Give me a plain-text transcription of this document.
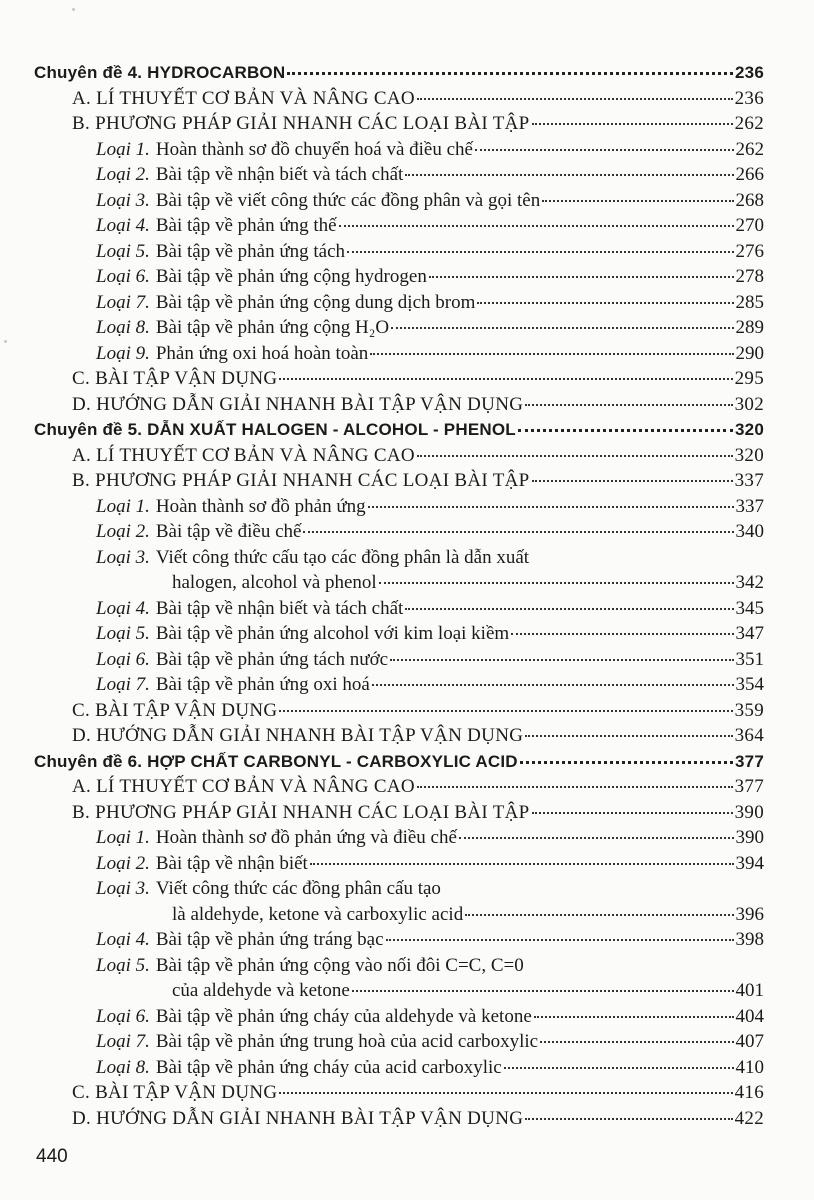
Chuyên đề 4. HYDROCARBON	236
A. LÍ THUYẾT CƠ BẢN VÀ NÂNG CAO	236
B. PHƯƠNG PHÁP GIẢI NHANH CÁC LOẠI BÀI TẬP	262
Loại 1. Hoàn thành sơ đồ chuyển hoá và điều chế	262
Loại 2. Bài tập về nhận biết và tách chất	266
Loại 3. Bài tập về viết công thức các đồng phân và gọi tên	268
Loại 4. Bài tập về phản ứng thế	270
Loại 5. Bài tập về phản ứng tách	276
Loại 6. Bài tập về phản ứng cộng hydrogen	278
Loại 7. Bài tập về phản ứng cộng dung dịch brom	285
Loại 8. Bài tập về phản ứng cộng H₂O	289
Loại 9. Phản ứng oxi hoá hoàn toàn	290
C. BÀI TẬP VẬN DỤNG	295
D. HƯỚNG DẪN GIẢI NHANH BÀI TẬP VẬN DỤNG	302
Chuyên đề 5. DẪN XUẤT HALOGEN - ALCOHOL - PHENOL	320
A. LÍ THUYẾT CƠ BẢN VÀ NÂNG CAO	320
B. PHƯƠNG PHÁP GIẢI NHANH CÁC LOẠI BÀI TẬP	337
Loại 1. Hoàn thành sơ đồ phản ứng	337
Loại 2. Bài tập về điều chế	340
Loại 3. Viết công thức cấu tạo các đồng phân là dẫn xuất
halogen, alcohol và phenol	342
Loại 4. Bài tập về nhận biết và tách chất	345
Loại 5. Bài tập về phản ứng alcohol với kim loại kiềm	347
Loại 6. Bài tập về phản ứng tách nước	351
Loại 7. Bài tập về phản ứng oxi hoá	354
C. BÀI TẬP VẬN DỤNG	359
D. HƯỚNG DẪN GIẢI NHANH BÀI TẬP VẬN DỤNG	364
Chuyên đề 6. HỢP CHẤT CARBONYL - CARBOXYLIC ACID	377
A. LÍ THUYẾT CƠ BẢN VÀ NÂNG CAO	377
B. PHƯƠNG PHÁP GIẢI NHANH CÁC LOẠI BÀI TẬP	390
Loại 1. Hoàn thành sơ đồ phản ứng và điều chế	390
Loại 2. Bài tập về nhận biết	394
Loại 3. Viết công thức các đồng phân cấu tạo
là aldehyde, ketone và carboxylic acid	396
Loại 4. Bài tập về phản ứng tráng bạc	398
Loại 5. Bài tập về phản ứng cộng vào nối đôi C=C, C=0
của aldehyde và ketone	401
Loại 6. Bài tập về phản ứng cháy của aldehyde và ketone	404
Loại 7. Bài tập về phản ứng trung hoà của acid carboxylic	407
Loại 8. Bài tập về phản ứng cháy của acid carboxylic	410
C. BÀI TẬP VẬN DỤNG	416
D. HƯỚNG DẪN GIẢI NHANH BÀI TẬP VẬN DỤNG	422
440
